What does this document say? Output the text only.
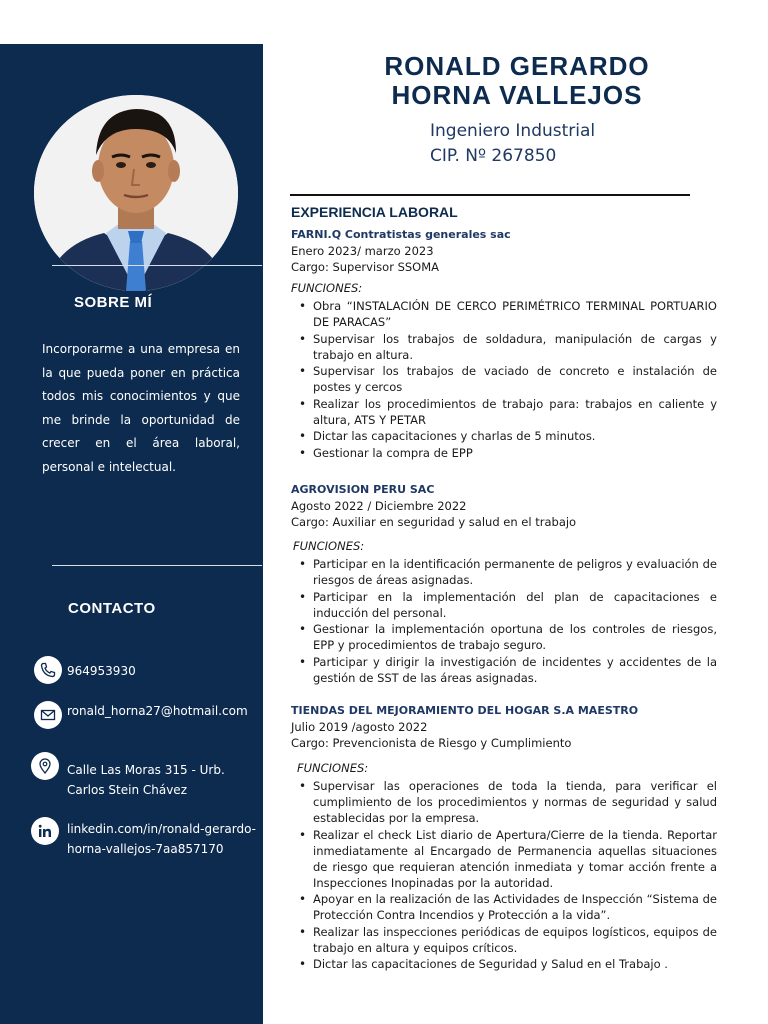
SOBRE MÍ

Incorporarme a una empresa en la que pueda poner en práctica todos mis conocimientos y que me brinde la oportunidad de crecer en el área laboral, personal e intelectual.

CONTACTO
964953930
ronald_horna27@hotmail.com
Calle Las Moras 315 - Urb. Carlos Stein Chávez
linkedin.com/in/ronald-gerardo-horna-vallejos-7aa857170
RONALD GERARDO
HORNA VALLEJOS
Ingeniero Industrial
CIP. Nº 267850
EXPERIENCIA LABORAL
FARNI.Q Contratistas generales sac
Enero 2023/ marzo 2023
Cargo: Supervisor SSOMA
FUNCIONES:
• Obra “INSTALACIÓN DE CERCO PERIMÉTRICO TERMINAL PORTUARIO DE PARACAS”
• Supervisar los trabajos de soldadura, manipulación de cargas y trabajo en altura.
• Supervisar los trabajos de vaciado de concreto e instalación de postes y cercos
• Realizar los procedimientos de trabajo para: trabajos en caliente y altura, ATS Y PETAR
• Dictar las capacitaciones y charlas de 5 minutos.
• Gestionar la compra de EPP
AGROVISION PERU SAC
Agosto 2022 / Diciembre 2022
Cargo: Auxiliar en seguridad y salud en el trabajo
FUNCIONES:
• Participar en la identificación permanente de peligros y evaluación de riesgos de áreas asignadas.
• Participar en la implementación del plan de capacitaciones e inducción del personal.
• Gestionar la implementación oportuna de los controles de riesgos, EPP y procedimientos de trabajo seguro.
• Participar y dirigir la investigación de incidentes y accidentes de la gestión de SST de las áreas asignadas.
TIENDAS DEL MEJORAMIENTO DEL HOGAR S.A MAESTRO
Julio 2019 /agosto 2022
Cargo: Prevencionista de Riesgo y Cumplimiento
FUNCIONES:
• Supervisar las operaciones de toda la tienda, para verificar el cumplimiento de los procedimientos y normas de seguridad y salud establecidas por la empresa.
• Realizar el check List diario de Apertura/Cierre de la tienda. Reportar inmediatamente al Encargado de Permanencia aquellas situaciones de riesgo que requieran atención inmediata y tomar acción frente a Inspecciones Inopinadas por la autoridad.
• Apoyar en la realización de las Actividades de Inspección “Sistema de Protección Contra Incendios y Protección a la vida”.
• Realizar las inspecciones periódicas de equipos logísticos, equipos de trabajo en altura y equipos críticos.
• Dictar las capacitaciones de Seguridad y Salud en el Trabajo .
